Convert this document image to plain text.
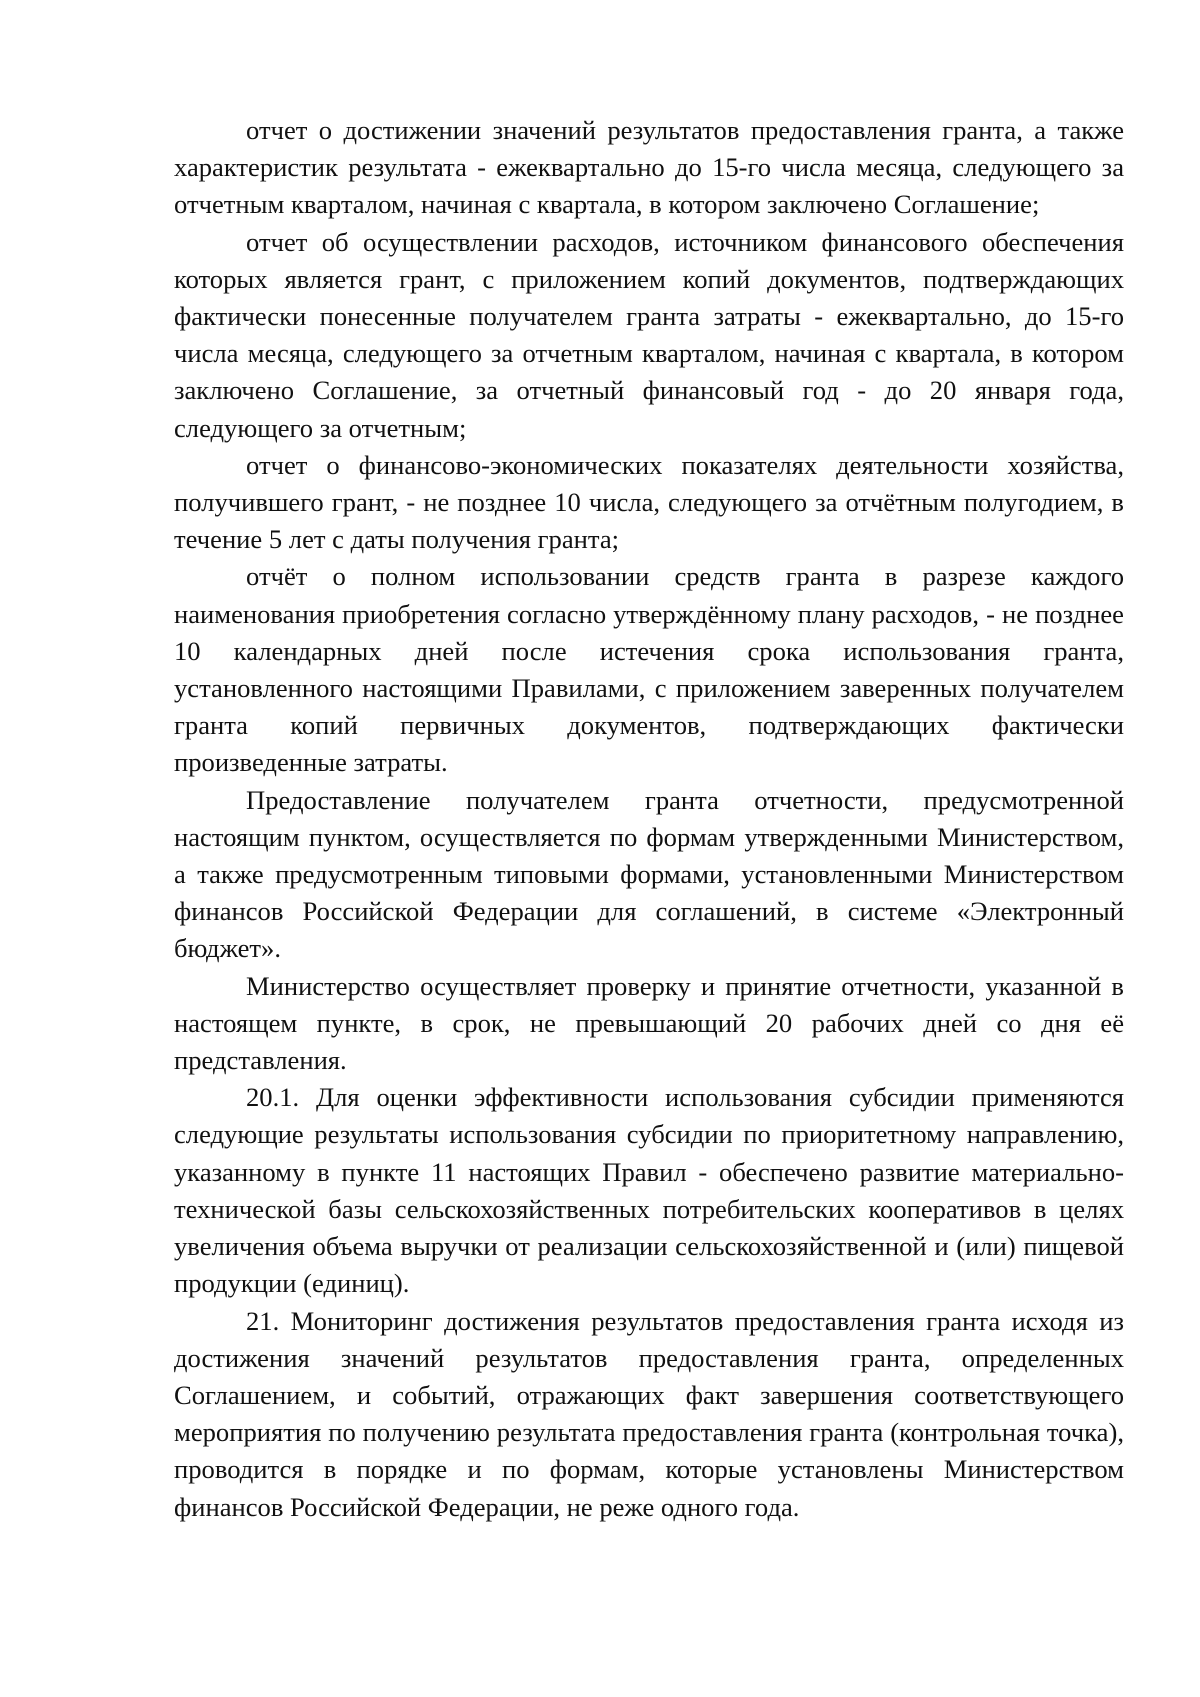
отчет о достижении значений результатов предоставления гранта, а также характеристик результата - ежеквартально до 15-го числа месяца, следующего за отчетным кварталом, начиная с квартала, в котором заключено Соглашение;

отчет об осуществлении расходов, источником финансового обеспечения которых является грант, с приложением копий документов, подтверждающих фактически понесенные получателем гранта затраты - ежеквартально, до 15-го числа месяца, следующего за отчетным кварталом, начиная с квартала, в котором заключено Соглашение, за отчетный финансовый год - до 20 января года, следующего за отчетным;

отчет о финансово-экономических показателях деятельности хозяйства, получившего грант, - не позднее 10 числа, следующего за отчётным полугодием, в течение 5 лет с даты получения гранта;

отчёт о полном использовании средств гранта в разрезе каждого наименования приобретения согласно утверждённому плану расходов, - не позднее 10 календарных дней после истечения срока использования гранта, установленного настоящими Правилами, с приложением заверенных получателем гранта копий первичных документов, подтверждающих фактически произведенные затраты.

Предоставление получателем гранта отчетности, предусмотренной настоящим пунктом, осуществляется по формам утвержденными Министерством, а также предусмотренным типовыми формами, установленными Министерством финансов Российской Федерации для соглашений, в системе «Электронный бюджет».

Министерство осуществляет проверку и принятие отчетности, указанной в настоящем пункте, в срок, не превышающий 20 рабочих дней со дня её представления.

20.1. Для оценки эффективности использования субсидии применяются следующие результаты использования субсидии по приоритетному направлению, указанному в пункте 11 настоящих Правил - обеспечено развитие материально-технической базы сельскохозяйственных потребительских кооперативов в целях увеличения объема выручки от реализации сельскохозяйственной и (или) пищевой продукции (единиц).

21. Мониторинг достижения результатов предоставления гранта исходя из достижения значений результатов предоставления гранта, определенных Соглашением, и событий, отражающих факт завершения соответствующего мероприятия по получению результата предоставления гранта (контрольная точка), проводится в порядке и по формам, которые установлены Министерством финансов Российской Федерации, не реже одного года.
